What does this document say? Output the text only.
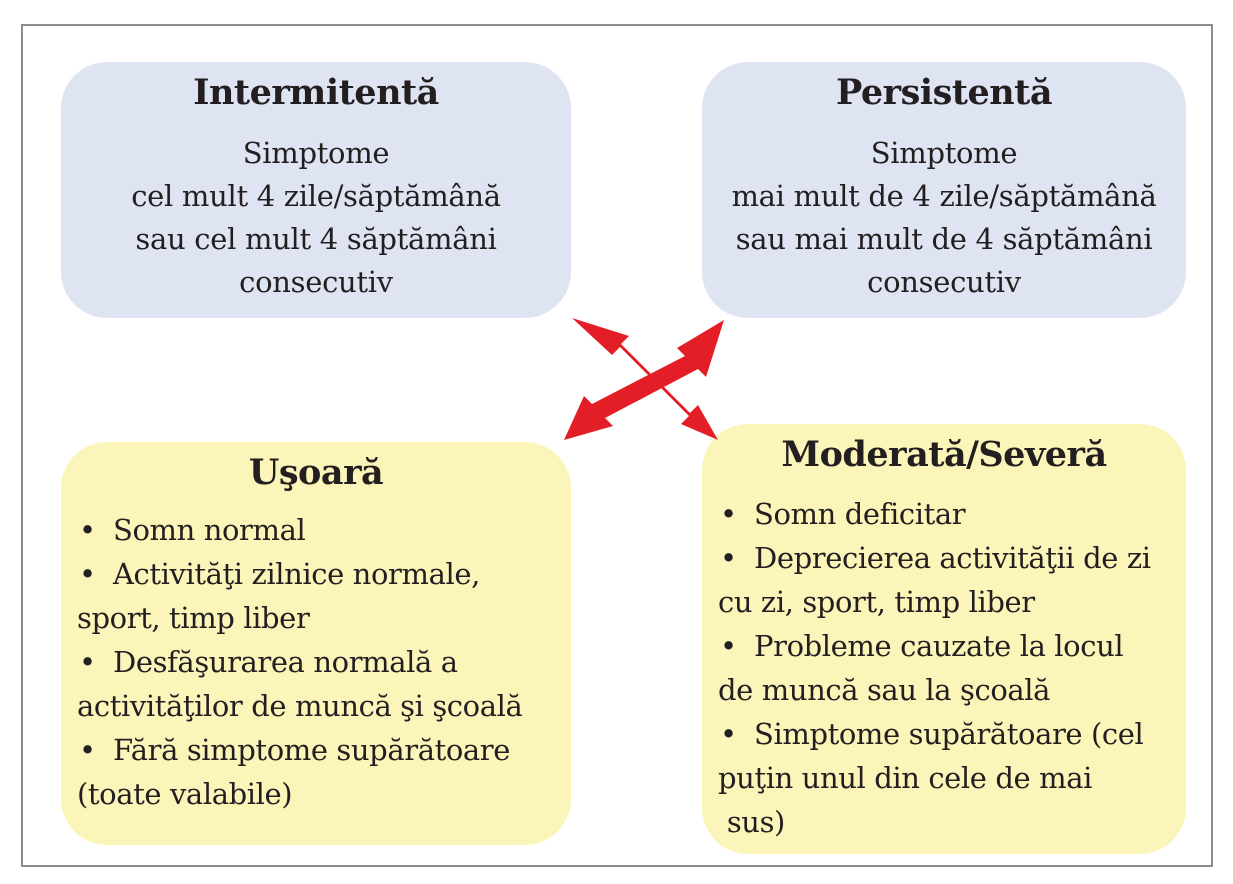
Intermitentă
Simptome
cel mult 4 zile/săptămână
sau cel mult 4 săptămâni
consecutiv
Persistentă
Simptome
mai mult de 4 zile/săptămână
sau mai mult de 4 săptămâni
consecutiv
Uşoară
• Somn normal
• Activităţi zilnice normale,
sport, timp liber
• Desfăşurarea normală a
activităţilor de muncă şi şcoală
• Fără simptome supărătoare
(toate valabile)
Moderată/Severă
• Somn deficitar
• Deprecierea activităţii de zi
cu zi, sport, timp liber
• Probleme cauzate la locul
de muncă sau la şcoală
• Simptome supărătoare (cel
puţin unul din cele de mai
sus)
